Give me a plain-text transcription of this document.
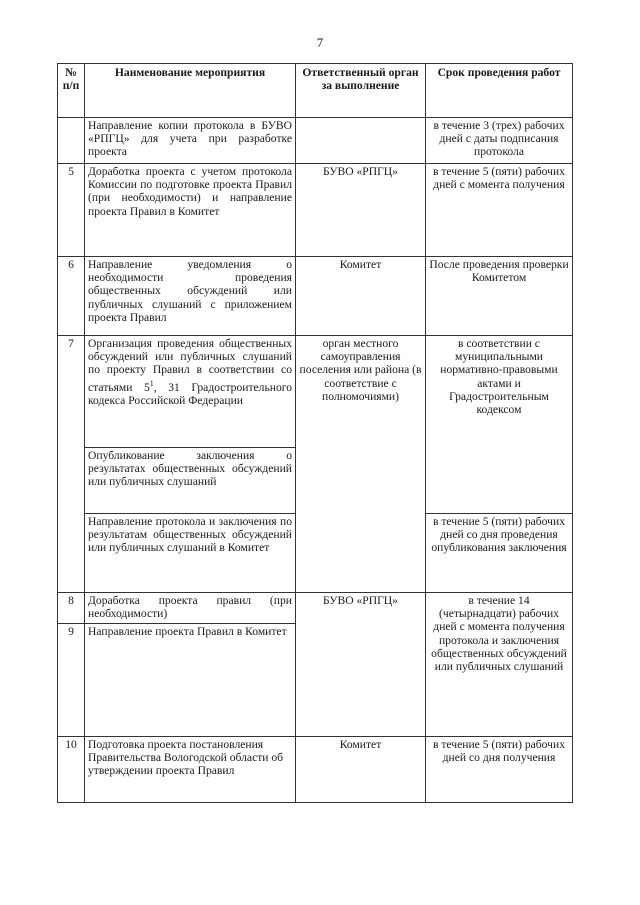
7
№ п/п	Наименование мероприятия	Ответственный орган за выполнение	Срок проведения работ
	Направление копии протокола в БУВО «РПГЦ» для учета при разработке проекта		в течение 3 (трех) рабочих дней с даты подписания протокола
5	Доработка проекта с учетом протокола Комиссии по подготовке проекта Правил (при необходимости) и направление проекта Правил в Комитет	БУВО «РПГЦ»	в течение 5 (пяти) рабочих дней с момента получения
6	Направление уведомления о необходимости проведения общественных обсуждений или публичных слушаний с приложением проекта Правил	Комитет	После проведения проверки Комитетом
7	Организация проведения общественных обсуждений или публичных слушаний по проекту Правил в соответствии со статьями $5^1$, 31 Градостроительного кодекса Российской Федерации	орган местного самоуправления поселения или района (в соответствие с полномочиями)	в соответствии с муниципальными нормативно-правовыми актами и Градостроительным кодексом
	Опубликование заключения о результатах общественных обсуждений или публичных слушаний		
	Направление протокола и заключения по результатам общественных обсуждений или публичных слушаний в Комитет		в течение 5 (пяти) рабочих дней со дня проведения опубликования заключения
8	Доработка проекта правил (при необходимости)	БУВО «РПГЦ»	в течение 14 (четырнадцати) рабочих дней с момента получения протокола и заключения общественных обсуждений или публичных слушаний
9	Направление проекта Правил в Комитет		
10	Подготовка проекта постановления Правительства Вологодской области об утверждении проекта Правил	Комитет	в течение 5 (пяти) рабочих дней со дня получения
